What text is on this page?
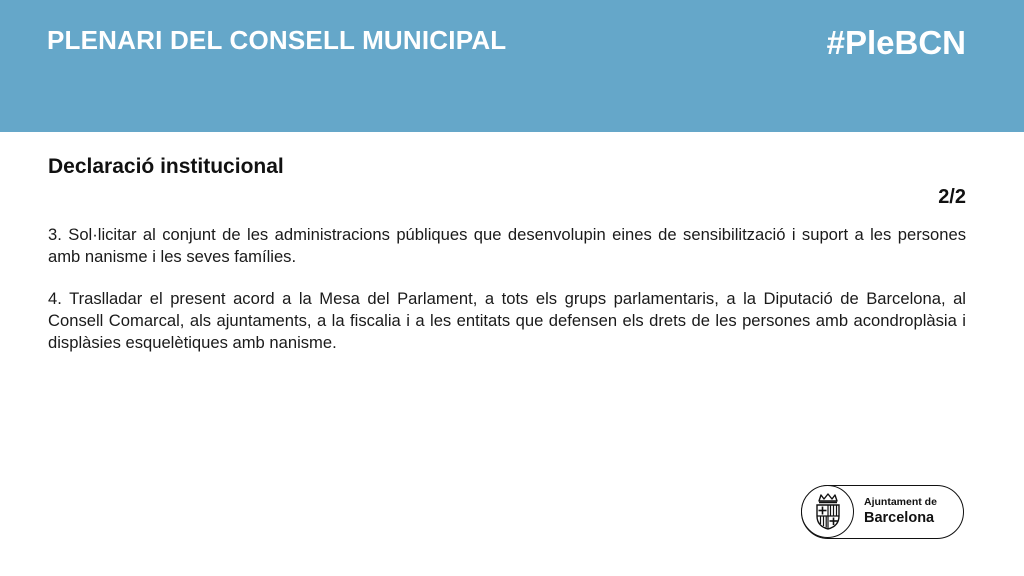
PLENARI DEL CONSELL MUNICIPAL	#PleBCN
Declaració institucional
2/2

3. Sol·licitar al conjunt de les administracions públiques que desenvolupin eines de sensibilització i suport a les persones amb nanisme i les seves famílies.

4. Traslladar el present acord a la Mesa del Parlament, a tots els grups parlamentaris, a la Diputació de Barcelona, al Consell Comarcal, als ajuntaments, a la fiscalia i a les entitats que defensen els drets de les persones amb acondroplàsia i displàsies esquelètiques amb nanisme.

Ajuntament de
Barcelona
